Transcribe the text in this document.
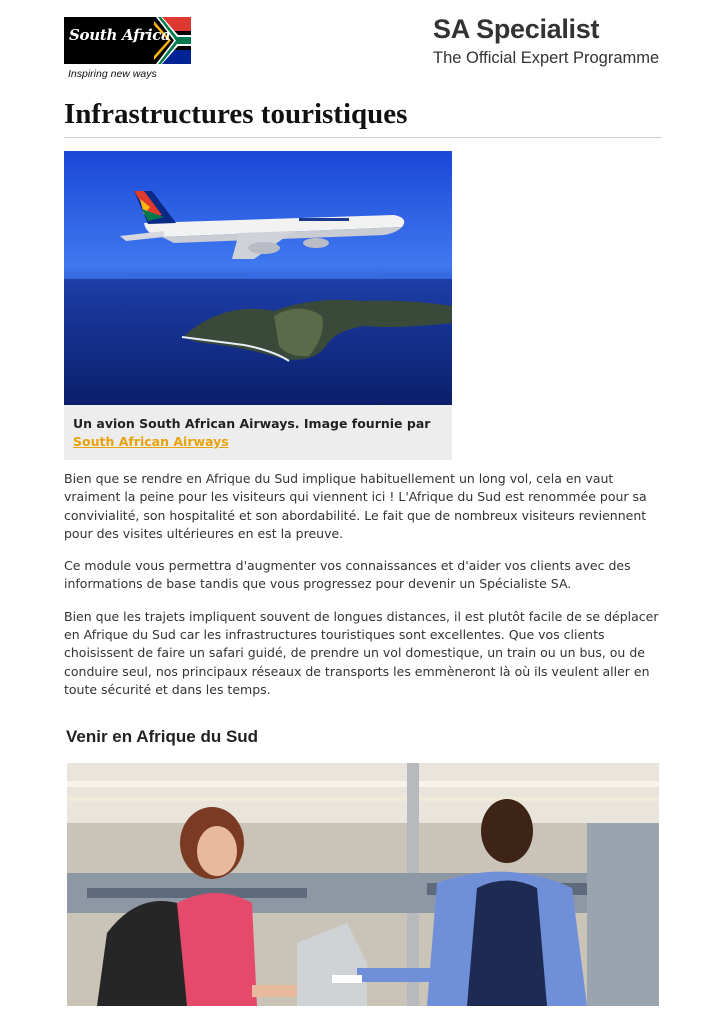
South Africa
Inspiring new ways
SA Specialist
The Official Expert Programme
Infrastructures touristiques
Un avion South African Airways. Image fournie par
South African Airways

Bien que se rendre en Afrique du Sud implique habituellement un long vol, cela en vaut vraiment la peine pour les visiteurs qui viennent ici ! L'Afrique du Sud est renommée pour sa convivialité, son hospitalité et son abordabilité. Le fait que de nombreux visiteurs reviennent pour des visites ultérieures en est la preuve.

Ce module vous permettra d'augmenter vos connaissances et d'aider vos clients avec des informations de base tandis que vous progressez pour devenir un Spécialiste SA.

Bien que les trajets impliquent souvent de longues distances, il est plutôt facile de se déplacer en Afrique du Sud car les infrastructures touristiques sont excellentes. Que vos clients choisissent de faire un safari guidé, de prendre un vol domestique, un train ou un bus, ou de conduire seul, nos principaux réseaux de transports les emmèneront là où ils veulent aller en toute sécurité et dans les temps.

Venir en Afrique du Sud
